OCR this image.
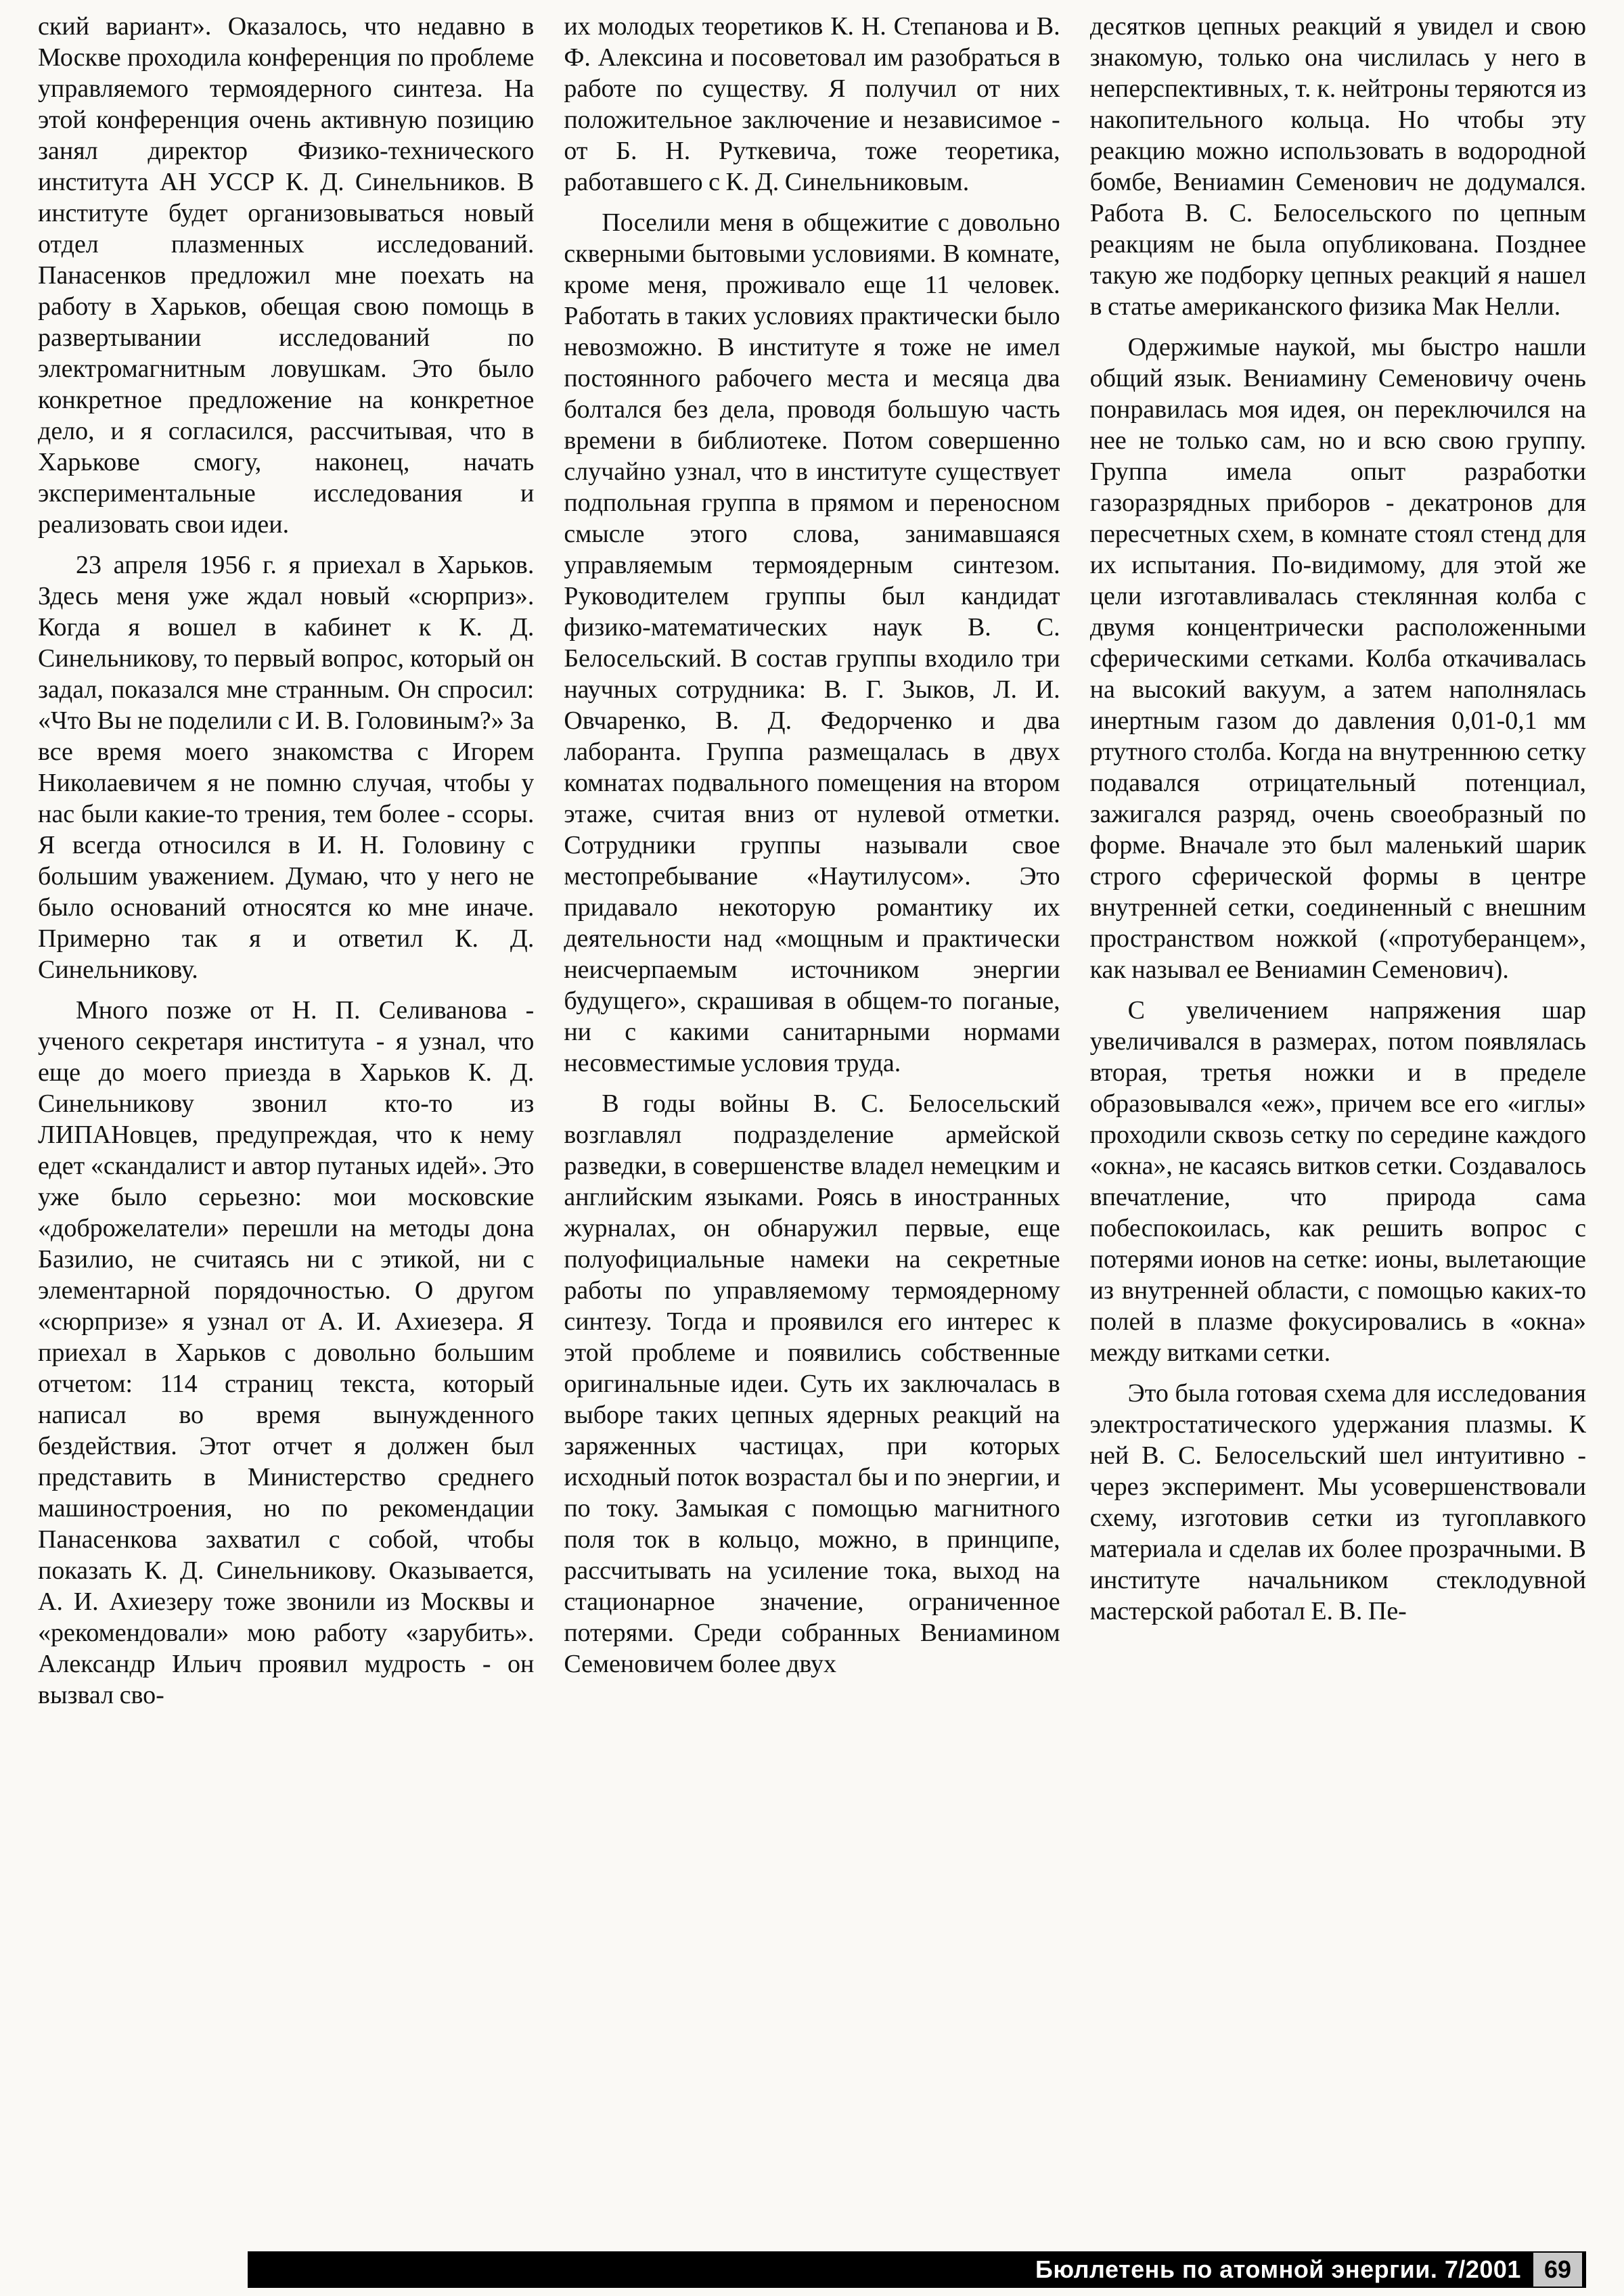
ский вариант». Оказалось, что недавно в Москве проходила конференция по проблеме управляемого термоядерного синтеза. На этой конференция очень активную позицию занял директор Физико-технического института АН УССР К. Д. Синельников. В институте будет организовываться новый отдел плазменных исследований. Панасенков предложил мне поехать на работу в Харьков, обещая свою помощь в развертывании исследований по электромагнитным ловушкам. Это было конкретное предложение на конкретное дело, и я согласился, рассчитывая, что в Харькове смогу, наконец, начать экспериментальные исследования и реализовать свои идеи.

23 апреля 1956 г. я приехал в Харьков. Здесь меня уже ждал новый «сюрприз». Когда я вошел в кабинет к К. Д. Синельникову, то первый вопрос, который он задал, показался мне странным. Он спросил: «Что Вы не поделили с И. В. Головиным?» За все время моего знакомства с Игорем Николаевичем я не помню случая, чтобы у нас были какие-то трения, тем более - ссоры. Я всегда относился в И. Н. Головину с большим уважением. Думаю, что у него не было оснований относятся ко мне иначе. Примерно так я и ответил К. Д. Синельникову.

Много позже от Н. П. Селиванова - ученого секретаря института - я узнал, что еще до моего приезда в Харьков К. Д. Синельникову звонил кто-то из ЛИПАНовцев, предупреждая, что к нему едет «скандалист и автор путаных идей». Это уже было серьезно: мои московские «доброжелатели» перешли на методы дона Базилио, не считаясь ни с этикой, ни с элементарной порядочностью. О другом «сюрпризе» я узнал от А. И. Ахиезера. Я приехал в Харьков с довольно большим отчетом: 114 страниц текста, который написал во время вынужденного бездействия. Этот отчет я должен был представить в Министерство среднего машиностроения, но по рекомендации Панасенкова захватил с собой, чтобы показать К. Д. Синельникову. Оказывается, А. И. Ахиезеру тоже звонили из Москвы и «рекомендовали» мою работу «зарубить». Александр Ильич проявил мудрость - он вызвал сво-

их молодых теоретиков К. Н. Степанова и В. Ф. Алексина и посоветовал им разобраться в работе по существу. Я получил от них положительное заключение и независимое - от Б. Н. Руткевича, тоже теоретика, работавшего с К. Д. Синельниковым.

Поселили меня в общежитие с довольно скверными бытовыми условиями. В комнате, кроме меня, проживало еще 11 человек. Работать в таких условиях практически было невозможно. В институте я тоже не имел постоянного рабочего места и месяца два болтался без дела, проводя большую часть времени в библиотеке. Потом совершенно случайно узнал, что в институте существует подпольная группа в прямом и переносном смысле этого слова, занимавшаяся управляемым термоядерным синтезом. Руководителем группы был кандидат физико-математических наук В. С. Белосельский. В состав группы входило три научных сотрудника: В. Г. Зыков, Л. И. Овчаренко, В. Д. Федорченко и два лаборанта. Группа размещалась в двух комнатах подвального помещения на втором этаже, считая вниз от нулевой отметки. Сотрудники группы называли свое местопребывание «Наутилусом». Это придавало некоторую романтику их деятельности над «мощным и практически неисчерпаемым источником энергии будущего», скрашивая в общем-то поганые, ни с какими санитарными нормами несовместимые условия труда.

В годы войны В. С. Белосельский возглавлял подразделение армейской разведки, в совершенстве владел немецким и английским языками. Роясь в иностранных журналах, он обнаружил первые, еще полуофициальные намеки на секретные работы по управляемому термоядерному синтезу. Тогда и проявился его интерес к этой проблеме и появились собственные оригинальные идеи. Суть их заключалась в выборе таких цепных ядерных реакций на заряженных частицах, при которых исходный поток возрастал бы и по энергии, и по току. Замыкая с помощью магнитного поля ток в кольцо, можно, в принципе, рассчитывать на усиление тока, выход на стационарное значение, ограниченное потерями. Среди собранных Вениамином Семеновичем более двух

десятков цепных реакций я увидел и свою знакомую, только она числилась у него в неперспективных, т. к. нейтроны теряются из накопительного кольца. Но чтобы эту реакцию можно использовать в водородной бомбе, Вениамин Семенович не додумался. Работа В. С. Белосельского по цепным реакциям не была опубликована. Позднее такую же подборку цепных реакций я нашел в статье американского физика Мак Нелли.

Одержимые наукой, мы быстро нашли общий язык. Вениамину Семеновичу очень понравилась моя идея, он переключился на нее не только сам, но и всю свою группу. Группа имела опыт разработки газоразрядных приборов - декатронов для пересчетных схем, в комнате стоял стенд для их испытания. По-видимому, для этой же цели изготавливалась стеклянная колба с двумя концентрически расположенными сферическими сетками. Колба откачивалась на высокий вакуум, а затем наполнялась инертным газом до давления 0,01-0,1 мм ртутного столба. Когда на внутреннюю сетку подавался отрицательный потенциал, зажигался разряд, очень своеобразный по форме. Вначале это был маленький шарик строго сферической формы в центре внутренней сетки, соединенный с внешним пространством ножкой («протуберанцем», как называл ее Вениамин Семенович).

С увеличением напряжения шар увеличивался в размерах, потом появлялась вторая, третья ножки и в пределе образовывался «еж», причем все его «иглы» проходили сквозь сетку по середине каждого «окна», не касаясь витков сетки. Создавалось впечатление, что природа сама побеспокоилась, как решить вопрос с потерями ионов на сетке: ионы, вылетающие из внутренней области, с помощью каких-то полей в плазме фокусировались в «окна» между витками сетки.

Это была готовая схема для исследования электростатического удержания плазмы. К ней В. С. Белосельский шел интуитивно - через эксперимент. Мы усовершенствовали схему, изготовив сетки из тугоплавкого материала и сделав их более прозрачными. В институте начальником стеклодувной мастерской работал Е. В. Пе-

Бюллетень по атомной энергии. 7/2001 69
